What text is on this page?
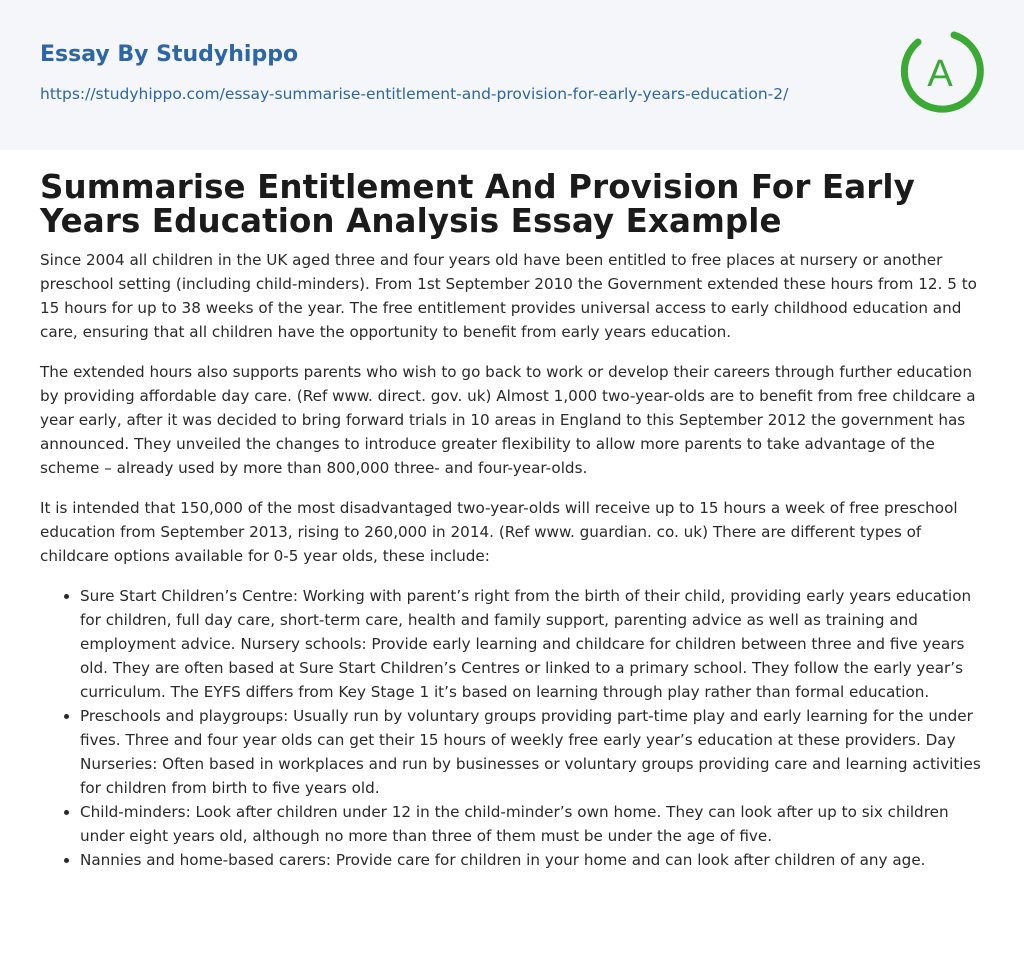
Essay By Studyhippo
https://studyhippo.com/essay-summarise-entitlement-and-provision-for-early-years-education-2/	A
Summarise Entitlement And Provision For Early Years Education Analysis Essay Example

Since 2004 all children in the UK aged three and four years old have been entitled to free places at nursery or another preschool setting (including child-minders). From 1st September 2010 the Government extended these hours from 12. 5 to 15 hours for up to 38 weeks of the year. The free entitlement provides universal access to early childhood education and care, ensuring that all children have the opportunity to benefit from early years education.

The extended hours also supports parents who wish to go back to work or develop their careers through further education by providing affordable day care. (Ref www. direct. gov. uk) Almost 1,000 two-year-olds are to benefit from free childcare a year early, after it was decided to bring forward trials in 10 areas in England to this September 2012 the government has announced. They unveiled the changes to introduce greater flexibility to allow more parents to take advantage of the scheme – already used by more than 800,000 three- and four-year-olds.

It is intended that 150,000 of the most disadvantaged two-year-olds will receive up to 15 hours a week of free preschool education from September 2013, rising to 260,000 in 2014. (Ref www. guardian. co. uk) There are different types of childcare options available for 0-5 year olds, these include:

• Sure Start Children’s Centre: Working with parent’s right from the birth of their child, providing early years education for children, full day care, short-term care, health and family support, parenting advice as well as training and employment advice. Nursery schools: Provide early learning and childcare for children between three and five years old. They are often based at Sure Start Children’s Centres or linked to a primary school. They follow the early year’s curriculum. The EYFS differs from Key Stage 1 it’s based on learning through play rather than formal education.
• Preschools and playgroups: Usually run by voluntary groups providing part-time play and early learning for the under fives. Three and four year olds can get their 15 hours of weekly free early year’s education at these providers. Day Nurseries: Often based in workplaces and run by businesses or voluntary groups providing care and learning activities for children from birth to five years old.
• Child-minders: Look after children under 12 in the child-minder’s own home. They can look after up to six children under eight years old, although no more than three of them must be under the age of five.
• Nannies and home-based carers: Provide care for children in your home and can look after children of any age.
